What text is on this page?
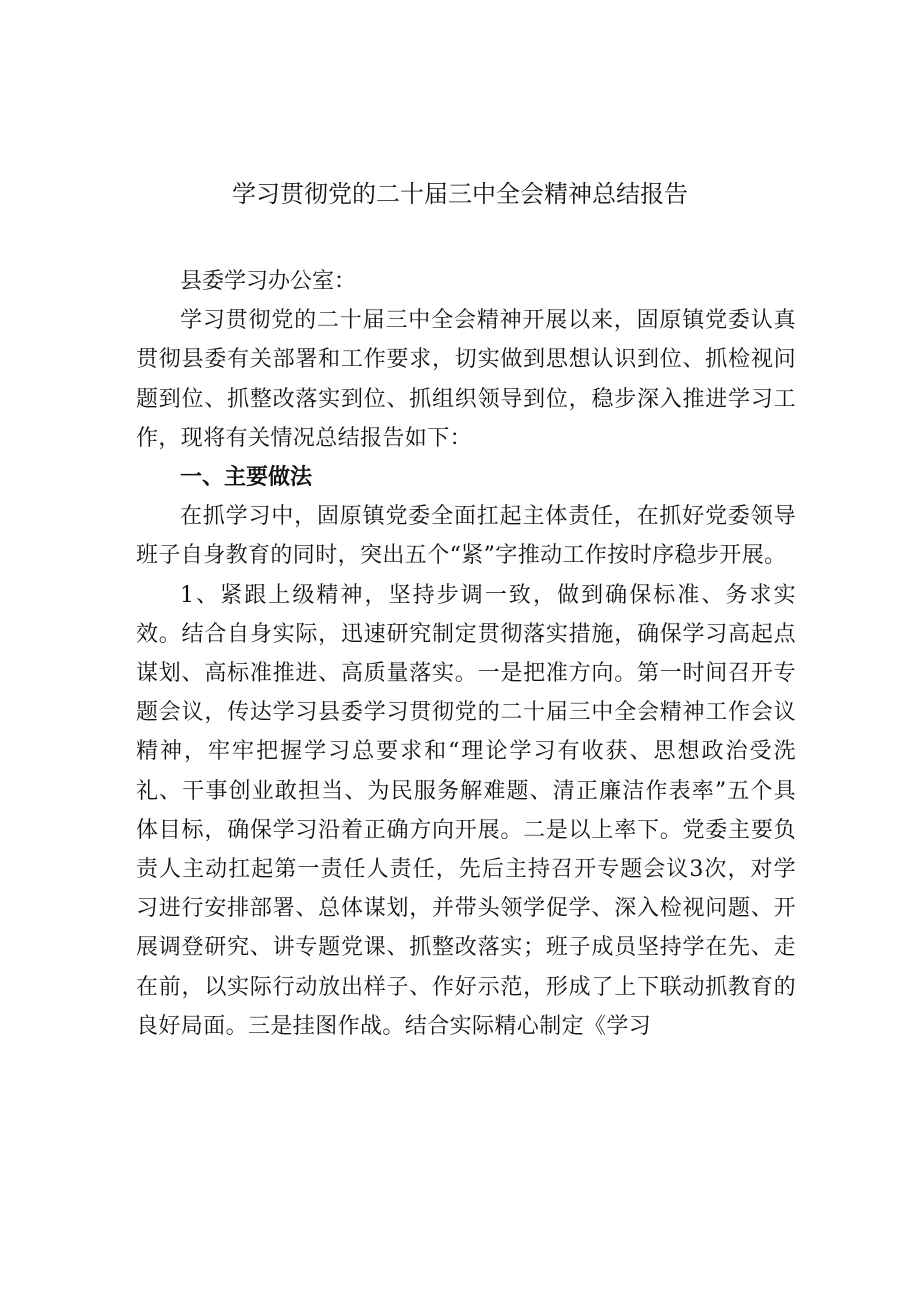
学习贯彻党的二十届三中全会精神总结报告

县委学习办公室：

学习贯彻党的二十届三中全会精神开展以来，固原镇党委认真贯彻县委有关部署和工作要求，切实做到思想认识到位、抓检视问题到位、抓整改落实到位、抓组织领导到位，稳步深入推进学习工作，现将有关情况总结报告如下：

一、主要做法

在抓学习中，固原镇党委全面扛起主体责任，在抓好党委领导班子自身教育的同时，突出五个“紧”字推动工作按时序稳步开展。

1、紧跟上级精神，坚持步调一致，做到确保标准、务求实效。结合自身实际，迅速研究制定贯彻落实措施，确保学习高起点谋划、高标准推进、高质量落实。一是把准方向。第一时间召开专题会议，传达学习县委学习贯彻党的二十届三中全会精神工作会议精神，牢牢把握学习总要求和“理论学习有收获、思想政治受洗礼、干事创业敢担当、为民服务解难题、清正廉洁作表率”五个具体目标，确保学习沿着正确方向开展。二是以上率下。党委主要负责人主动扛起第一责任人责任，先后主持召开专题会议3次，对学习进行安排部署、总体谋划，并带头领学促学、深入检视问题、开展调登研究、讲专题党课、抓整改落实；班子成员坚持学在先、走在前，以实际行动放出样子、作好示范，形成了上下联动抓教育的良好局面。三是挂图作战。结合实际精心制定《学习
